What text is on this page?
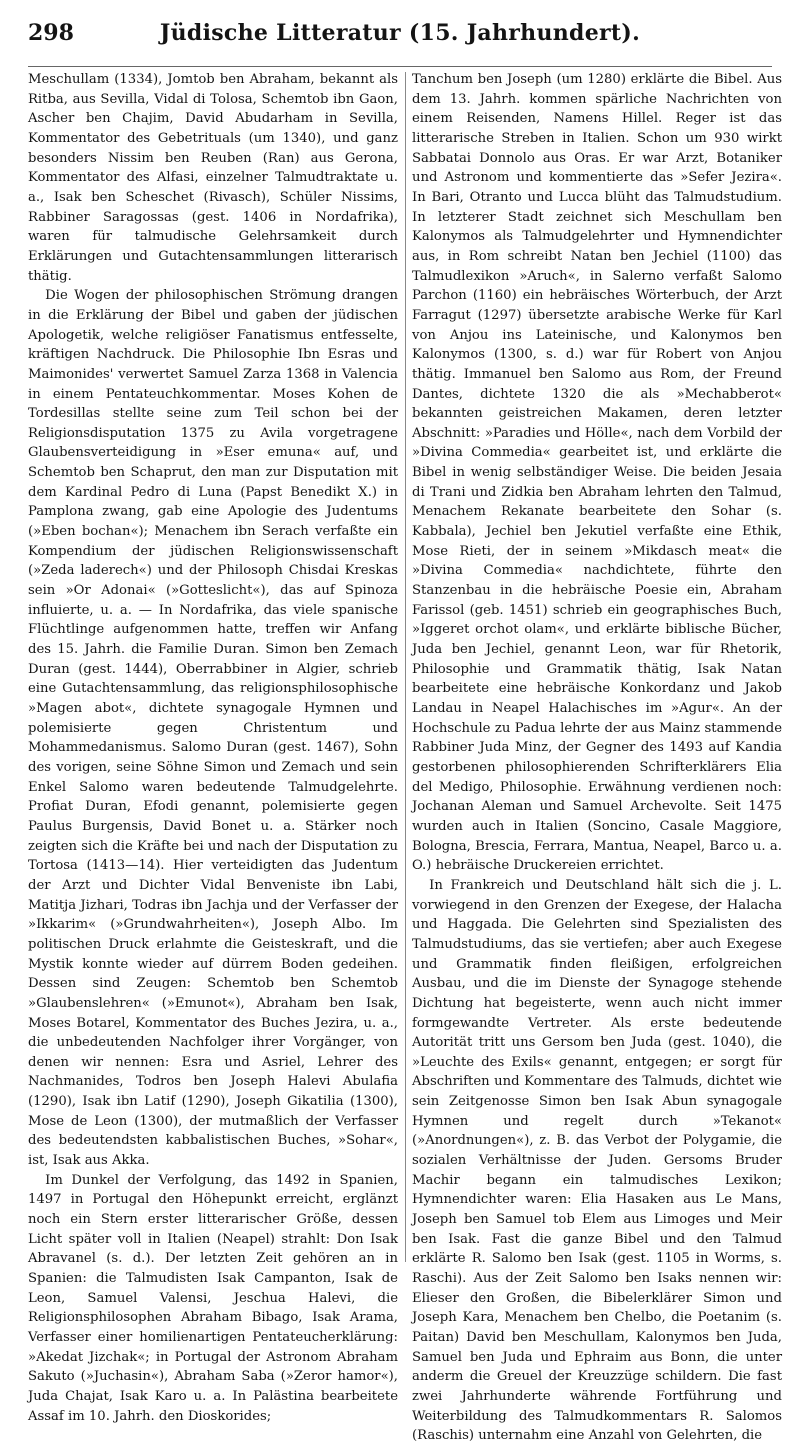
Jüdische Litteratur (15. Jahrhundert).
298

Meschullam (1334), Jomtob ben Abraham, bekannt als Ritba, aus Sevilla, Vidal di Tolosa, Schemtob ibn Gaon, Ascher ben Chajim, David Abudarham in Sevilla, Kommentator des Gebetrituals (um 1340), und ganz besonders Nissim ben Reuben (Ran) aus Gerona, Kommentator des Alfasi, einzelner Talmudtraktate u. a., Isak ben Scheschet (Rivasch), Schüler Nissims, Rabbiner Saragossas (gest. 1406 in Nordafrika), waren für talmudische Gelehrsamkeit durch Erklärungen und Gutachtensammlungen litterarisch thätig.

Die Wogen der philosophischen Strömung drangen in die Erklärung der Bibel und gaben der jüdischen Apologetik, welche religiöser Fanatismus entfesselte, kräftigen Nachdruck. Die Philosophie Ibn Esras und Maimonides' verwertet Samuel Zarza 1368 in Valencia in einem Pentateuchkommentar. Moses Kohen de Tordesillas stellte seine zum Teil schon bei der Religionsdisputation 1375 zu Avila vorgetragene Glaubensverteidigung in »Eser emuna« auf, und Schemtob ben Schaprut, den man zur Disputation mit dem Kardinal Pedro di Luna (Papst Benedikt X.) in Pamplona zwang, gab eine Apologie des Judentums (»Eben bochan«); Menachem ibn Serach verfaßte ein Kompendium der jüdischen Religionswissenschaft (»Zeda laderech«) und der Philosoph Chisdai Kreskas sein »Or Adonai« (»Gotteslicht«), das auf Spinoza influierte, u. a. — In Nordafrika, das viele spanische Flüchtlinge aufgenommen hatte, treffen wir Anfang des 15. Jahrh. die Familie Duran. Simon ben Zemach Duran (gest. 1444), Oberrabbiner in Algier, schrieb eine Gutachtensammlung, das religionsphilosophische »Magen abot«, dichtete synagogale Hymnen und polemisierte gegen Christentum und Mohammedanismus. Salomo Duran (gest. 1467), Sohn des vorigen, seine Söhne Simon und Zemach und sein Enkel Salomo waren bedeutende Talmudgelehrte. Profiat Duran, Efodi genannt, polemisierte gegen Paulus Burgensis, David Bonet u. a. Stärker noch zeigten sich die Kräfte bei und nach der Disputation zu Tortosa (1413—14). Hier verteidigten das Judentum der Arzt und Dichter Vidal Benveniste ibn Labi, Matitja Jizhari, Todras ibn Jachja und der Verfasser der »Ikkarim« (»Grundwahrheiten«), Joseph Albo. Im politischen Druck erlahmte die Geisteskraft, und die Mystik konnte wieder auf dürrem Boden gedeihen. Dessen sind Zeugen: Schemtob ben Schemtob »Glaubenslehren« (»Emunot«), Abraham ben Isak, Moses Botarel, Kommentator des Buches Jezira, u. a., die unbedeutenden Nachfolger ihrer Vorgänger, von denen wir nennen: Esra und Asriel, Lehrer des Nachmanides, Todros ben Joseph Halevi Abulafia (1290), Isak ibn Latif (1290), Joseph Gikatilia (1300), Mose de Leon (1300), der mutmaßlich der Verfasser des bedeutendsten kabbalistischen Buches, »Sohar«, ist, Isak aus Akka.

Im Dunkel der Verfolgung, das 1492 in Spanien, 1497 in Portugal den Höhepunkt erreicht, erglänzt noch ein Stern erster litterarischer Größe, dessen Licht später voll in Italien (Neapel) strahlt: Don Isak Abravanel (s. d.). Der letzten Zeit gehören an in Spanien: die Talmudisten Isak Campanton, Isak de Leon, Samuel Valensi, Jeschua Halevi, die Religionsphilosophen Abraham Bibago, Isak Arama, Verfasser einer homilienartigen Pentateucherklärung: »Akedat Jizchak«; in Portugal der Astronom Abraham Sakuto (»Juchasin«), Abraham Saba (»Zeror hamor«), Juda Chajat, Isak Karo u. a. In Palästina bearbeitete Assaf im 10. Jahrh. den Dioskorides;

Tanchum ben Joseph (um 1280) erklärte die Bibel. Aus dem 13. Jahrh. kommen spärliche Nachrichten von einem Reisenden, Namens Hillel. Reger ist das litterarische Streben in Italien. Schon um 930 wirkt Sabbatai Donnolo aus Oras. Er war Arzt, Botaniker und Astronom und kommentierte das »Sefer Jezira«. In Bari, Otranto und Lucca blüht das Talmudstudium. In letzterer Stadt zeichnet sich Meschullam ben Kalonymos als Talmudgelehrter und Hymnendichter aus, in Rom schreibt Natan ben Jechiel (1100) das Talmudlexikon »Aruch«, in Salerno verfaßt Salomo Parchon (1160) ein hebräisches Wörterbuch, der Arzt Farragut (1297) übersetzte arabische Werke für Karl von Anjou ins Lateinische, und Kalonymos ben Kalonymos (1300, s. d.) war für Robert von Anjou thätig. Immanuel ben Salomo aus Rom, der Freund Dantes, dichtete 1320 die als »Mechabberot« bekannten geistreichen Makamen, deren letzter Abschnitt: »Paradies und Hölle«, nach dem Vorbild der »Divina Commedia« gearbeitet ist, und erklärte die Bibel in wenig selbständiger Weise. Die beiden Jesaia di Trani und Zidkia ben Abraham lehrten den Talmud, Menachem Rekanate bearbeitete den Sohar (s. Kabbala), Jechiel ben Jekutiel verfaßte eine Ethik, Mose Rieti, der in seinem »Mikdasch meat« die »Divina Commedia« nachdichtete, führte den Stanzenbau in die hebräische Poesie ein, Abraham Farissol (geb. 1451) schrieb ein geographisches Buch, »Iggeret orchot olam«, und erklärte biblische Bücher, Juda ben Jechiel, genannt Leon, war für Rhetorik, Philosophie und Grammatik thätig, Isak Natan bearbeitete eine hebräische Konkordanz und Jakob Landau in Neapel Halachisches im »Agur«. An der Hochschule zu Padua lehrte der aus Mainz stammende Rabbiner Juda Minz, der Gegner des 1493 auf Kandia gestorbenen philosophierenden Schrifterklärers Elia del Medigo, Philosophie. Erwähnung verdienen noch: Jochanan Aleman und Samuel Archevolte. Seit 1475 wurden auch in Italien (Soncino, Casale Maggiore, Bologna, Brescia, Ferrara, Mantua, Neapel, Barco u. a. O.) hebräische Druckereien errichtet.

In Frankreich und Deutschland hält sich die j. L. vorwiegend in den Grenzen der Exegese, der Halacha und Haggada. Die Gelehrten sind Spezialisten des Talmudstudiums, das sie vertiefen; aber auch Exegese und Grammatik finden fleißigen, erfolgreichen Ausbau, und die im Dienste der Synagoge stehende Dichtung hat begeisterte, wenn auch nicht immer formgewandte Vertreter. Als erste bedeutende Autorität tritt uns Gersom ben Juda (gest. 1040), die »Leuchte des Exils« genannt, entgegen; er sorgt für Abschriften und Kommentare des Talmuds, dichtet wie sein Zeitgenosse Simon ben Isak Abun synagogale Hymnen und regelt durch »Tekanot« (»Anordnungen«), z. B. das Verbot der Polygamie, die sozialen Verhältnisse der Juden. Gersoms Bruder Machir begann ein talmudisches Lexikon; Hymnendichter waren: Elia Hasaken aus Le Mans, Joseph ben Samuel tob Elem aus Limoges und Meir ben Isak. Fast die ganze Bibel und den Talmud erklärte R. Salomo ben Isak (gest. 1105 in Worms, s. Raschi). Aus der Zeit Salomo ben Isaks nennen wir: Elieser den Großen, die Bibelerklärer Simon und Joseph Kara, Menachem ben Chelbo, die Poetanim (s. Paitan) David ben Meschullam, Kalonymos ben Juda, Samuel ben Juda und Ephraim aus Bonn, die unter anderm die Greuel der Kreuzzüge schildern. Die fast zwei Jahrhunderte währende Fortführung und Weiterbildung des Talmudkommentars R. Salomos (Raschis) unternahm eine Anzahl von Gelehrten, die
